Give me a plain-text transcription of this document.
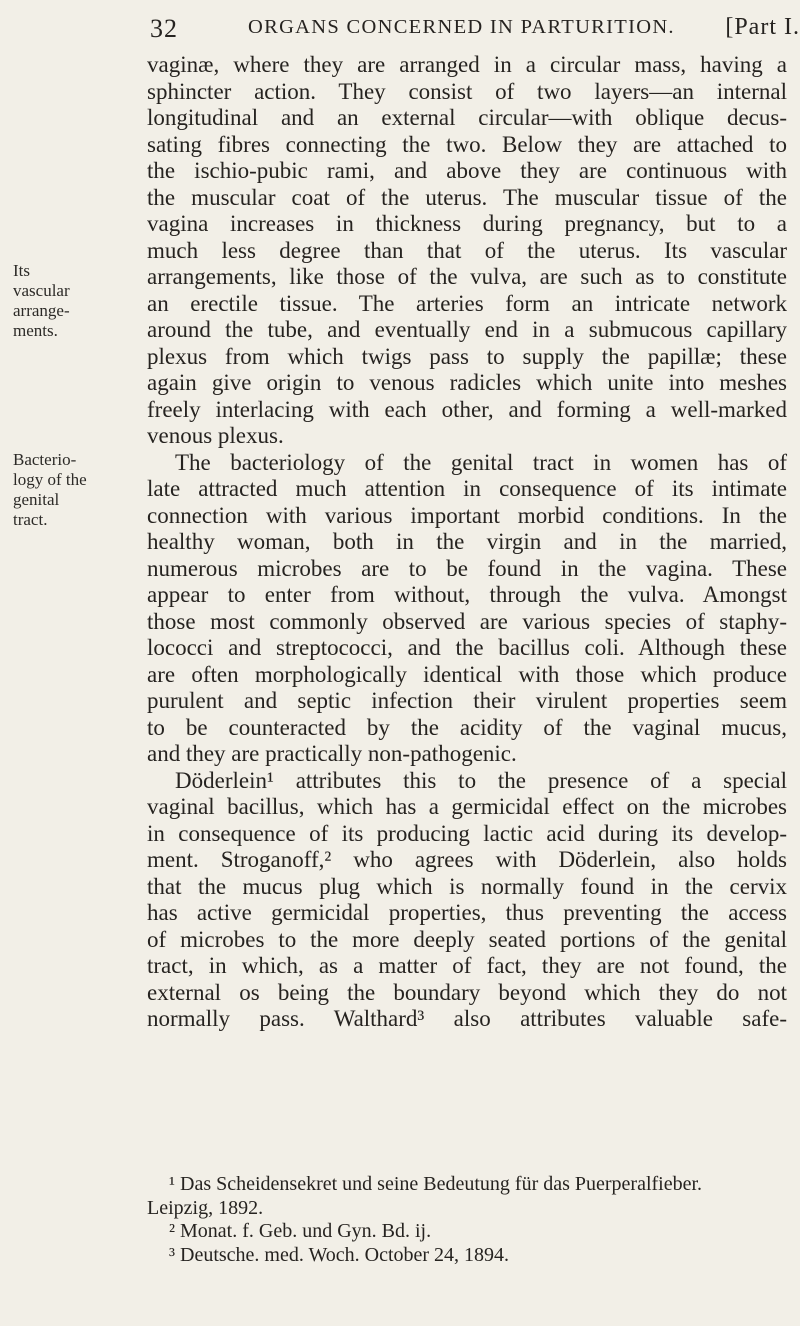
32	ORGANS CONCERNED IN PARTURITION. [Part I.
Its
vascular
arrange-
ments.
Bacterio-
logy of the
genital
tract.
vaginæ, where they are arranged in a circular mass, having a
sphincter action. They consist of two layers—an internal
longitudinal and an external circular—with oblique decus-
sating fibres connecting the two. Below they are attached to
the ischio-pubic rami, and above they are continuous with
the muscular coat of the uterus. The muscular tissue of the
vagina increases in thickness during pregnancy, but to a
much less degree than that of the uterus. Its vascular
arrangements, like those of the vulva, are such as to constitute
an erectile tissue. The arteries form an intricate network
around the tube, and eventually end in a submucous capillary
plexus from which twigs pass to supply the papillæ; these
again give origin to venous radicles which unite into meshes
freely interlacing with each other, and forming a well-marked
venous plexus.
The bacteriology of the genital tract in women has of
late attracted much attention in consequence of its intimate
connection with various important morbid conditions. In the
healthy woman, both in the virgin and in the married,
numerous microbes are to be found in the vagina. These
appear to enter from without, through the vulva. Amongst
those most commonly observed are various species of staphy-
lococci and streptococci, and the bacillus coli. Although these
are often morphologically identical with those which produce
purulent and septic infection their virulent properties seem
to be counteracted by the acidity of the vaginal mucus,
and they are practically non-pathogenic.
Döderlein¹ attributes this to the presence of a special
vaginal bacillus, which has a germicidal effect on the microbes
in consequence of its producing lactic acid during its develop-
ment. Stroganoff,² who agrees with Döderlein, also holds
that the mucus plug which is normally found in the cervix
has active germicidal properties, thus preventing the access
of microbes to the more deeply seated portions of the genital
tract, in which, as a matter of fact, they are not found, the
external os being the boundary beyond which they do not
normally pass. Walthard³ also attributes valuable safe-
¹ Das Scheidensekret und seine Bedeutung für das Puerperalfieber.
Leipzig, 1892.
² Monat. f. Geb. und Gyn. Bd. ij.
³ Deutsche. med. Woch. October 24, 1894.
